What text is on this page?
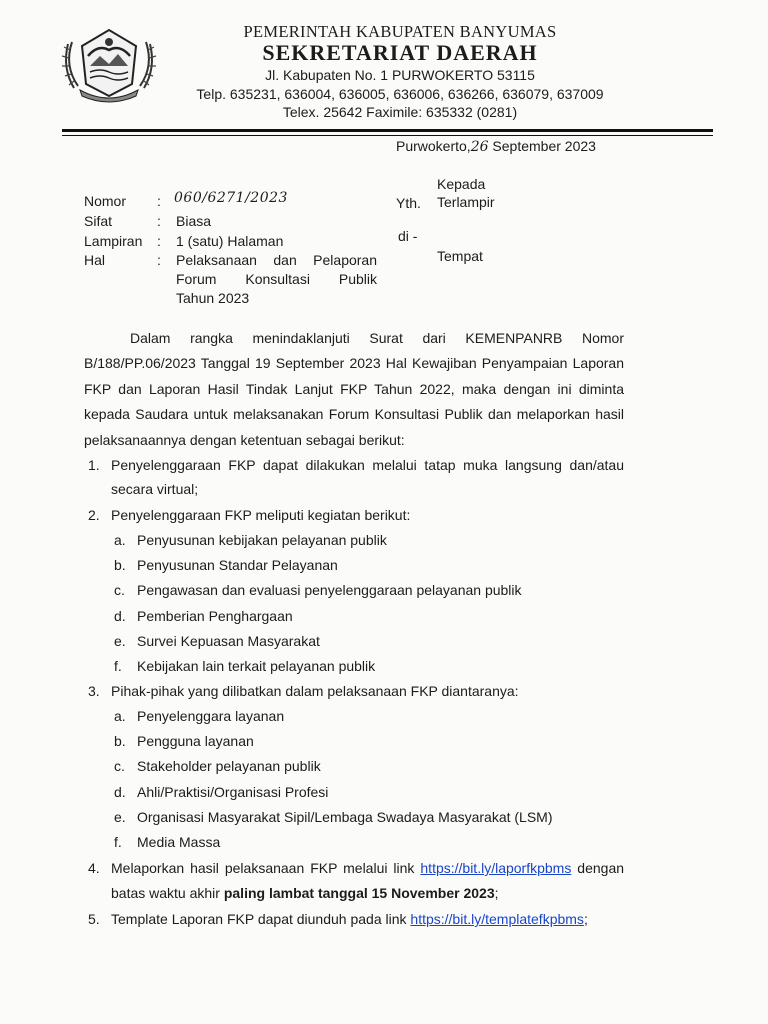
PEMERINTAH KABUPATEN BANYUMAS
SEKRETARIAT DAERAH
Jl. Kabupaten No. 1 PURWOKERTO 53115
Telp. 635231, 636004, 636005, 636006, 636266, 636079, 637009
Telex. 25642 Faximile: 635332 (0281)
Purwokerto,26 September 2023
Nomor : 060/6271/2023
Sifat	: Biasa
Lampiran : 1 (satu) Halaman
Hal	: Pelaksanaan dan Pelaporan
Forum Konsultasi Publik
Tahun 2023
Kepada
Yth. Terlampir
di -
Tempat
Dalam rangka menindaklanjuti Surat dari KEMENPANRB Nomor
B/188/PP.06/2023 Tanggal 19 September 2023 Hal Kewajiban Penyampaian Laporan
FKP dan Laporan Hasil Tindak Lanjut FKP Tahun 2022, maka dengan ini diminta
kepada Saudara untuk melaksanakan Forum Konsultasi Publik dan melaporkan hasil
pelaksanaannya dengan ketentuan sebagai berikut:
1. Penyelenggaraan FKP dapat dilakukan melalui tatap muka langsung dan/atau
secara virtual;
2. Penyelenggaraan FKP meliputi kegiatan berikut:
a. Penyusunan kebijakan pelayanan publik
b. Penyusunan Standar Pelayanan
c. Pengawasan dan evaluasi penyelenggaraan pelayanan publik
d. Pemberian Penghargaan
e. Survei Kepuasan Masyarakat
f. Kebijakan lain terkait pelayanan publik
3. Pihak-pihak yang dilibatkan dalam pelaksanaan FKP diantaranya:
a. Penyelenggara layanan
b. Pengguna layanan
c. Stakeholder pelayanan publik
d. Ahli/Praktisi/Organisasi Profesi
e. Organisasi Masyarakat Sipil/Lembaga Swadaya Masyarakat (LSM)
f. Media Massa
4. Melaporkan hasil pelaksanaan FKP melalui link https://bit.ly/laporfkpbms dengan
batas waktu akhir paling lambat tanggal 15 November 2023;
5. Template Laporan FKP dapat diunduh pada link https://bit.ly/templatefkpbms;
